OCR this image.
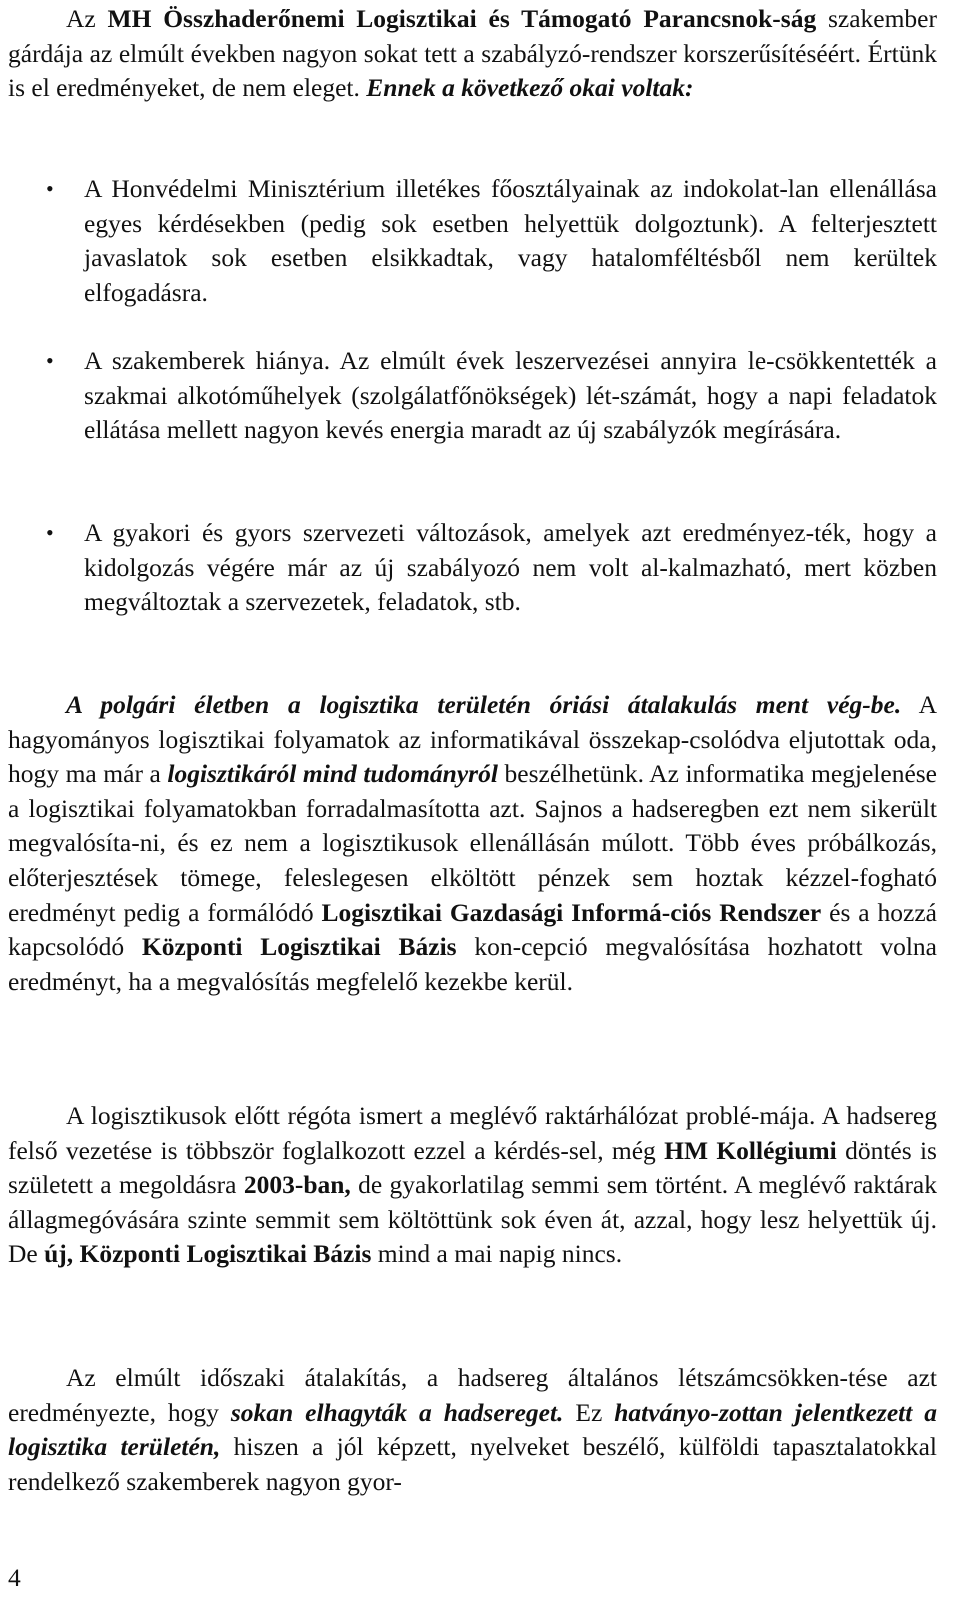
Az MH Összhaderőnemi Logisztikai és Támogató Parancsnok-ság szakember gárdája az elmúlt években nagyon sokat tett a szabályzó-rendszer korszerűsítéséért. Értünk is el eredményeket, de nem eleget. Ennek a következő okai voltak:

• A Honvédelmi Minisztérium illetékes főosztályainak az indokolat-lan ellenállása egyes kérdésekben (pedig sok esetben helyettük dolgoztunk). A felterjesztett javaslatok sok esetben elsikkadtak, vagy hatalomféltésből nem kerültek elfogadásra.

• A szakemberek hiánya. Az elmúlt évek leszervezései annyira le-csökkentették a szakmai alkotóműhelyek (szolgálatfőnökségek) lét-számát, hogy a napi feladatok ellátása mellett nagyon kevés energia maradt az új szabályzók megírására.

• A gyakori és gyors szervezeti változások, amelyek azt eredményez-ték, hogy a kidolgozás végére már az új szabályozó nem volt al-kalmazható, mert közben megváltoztak a szervezetek, feladatok, stb.

A polgári életben a logisztika területén óriási átalakulás ment vég-be. A hagyományos logisztikai folyamatok az informatikával összekap-csolódva eljutottak oda, hogy ma már a logisztikáról mind tudományról beszélhetünk. Az informatika megjelenése a logisztikai folyamatokban forradalmasította azt. Sajnos a hadseregben ezt nem sikerült megvalósíta-ni, és ez nem a logisztikusok ellenállásán múlott. Több éves próbálkozás, előterjesztések tömege, feleslegesen elköltött pénzek sem hoztak kézzel-fogható eredményt pedig a formálódó Logisztikai Gazdasági Informá-ciós Rendszer és a hozzá kapcsolódó Központi Logisztikai Bázis kon-cepció megvalósítása hozhatott volna eredményt, ha a megvalósítás megfelelő kezekbe kerül.

A logisztikusok előtt régóta ismert a meglévő raktárhálózat problé-mája. A hadsereg felső vezetése is többször foglalkozott ezzel a kérdés-sel, még HM Kollégiumi döntés is született a megoldásra 2003-ban, de gyakorlatilag semmi sem történt. A meglévő raktárak állagmegóvására szinte semmit sem költöttünk sok éven át, azzal, hogy lesz helyettük új. De új, Központi Logisztikai Bázis mind a mai napig nincs.

Az elmúlt időszaki átalakítás, a hadsereg általános létszámcsökken-tése azt eredményezte, hogy sokan elhagyták a hadsereget. Ez hatványo-zottan jelentkezett a logisztika területén, hiszen a jól képzett, nyelveket beszélő, külföldi tapasztalatokkal rendelkező szakemberek nagyon gyor-

4
